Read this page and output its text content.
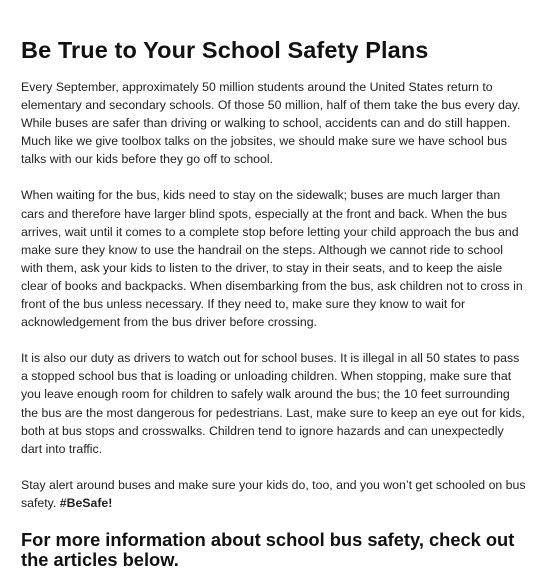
Be True to Your School Safety Plans

Every September, approximately 50 million students around the United States return to elementary and secondary schools. Of those 50 million, half of them take the bus every day. While buses are safer than driving or walking to school, accidents can and do still happen. Much like we give toolbox talks on the jobsites, we should make sure we have school bus talks with our kids before they go off to school.

When waiting for the bus, kids need to stay on the sidewalk; buses are much larger than cars and therefore have larger blind spots, especially at the front and back. When the bus arrives, wait until it comes to a complete stop before letting your child approach the bus and make sure they know to use the handrail on the steps. Although we cannot ride to school with them, ask your kids to listen to the driver, to stay in their seats, and to keep the aisle clear of books and backpacks. When disembarking from the bus, ask children not to cross in front of the bus unless necessary. If they need to, make sure they know to wait for acknowledgement from the bus driver before crossing.

It is also our duty as drivers to watch out for school buses. It is illegal in all 50 states to pass a stopped school bus that is loading or unloading children. When stopping, make sure that you leave enough room for children to safely walk around the bus; the 10 feet surrounding the bus are the most dangerous for pedestrians. Last, make sure to keep an eye out for kids, both at bus stops and crosswalks. Children tend to ignore hazards and can unexpectedly dart into traffic.

Stay alert around buses and make sure your kids do, too, and you won’t get schooled on bus safety. #BeSafe!

For more information about school bus safety, check out the articles below.
